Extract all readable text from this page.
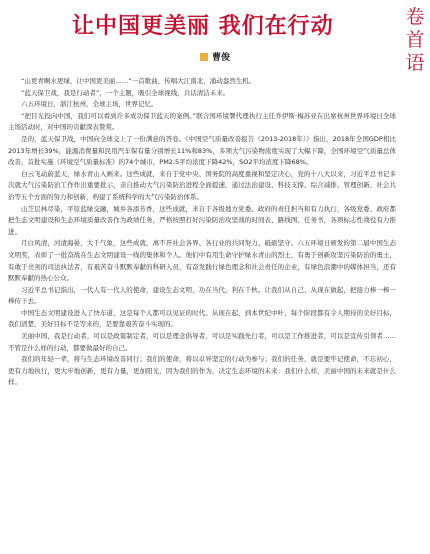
让中国更美丽 我们在行动	卷首语
曹俊

“山更青啊水更绿，让中国更美丽……”一首歌曲，传唱大江南北，涌动盎然生机。

“蓝天保卫战，我是行动者”，一个主题，吸引全球视线，共话清洁未来。

六五环境日，浙江杭州，全球主场，世界记忆。

“把目光投向中国，我们可以看到许多成功保卫蓝天的案例。”联合国环境署代理执行主任乔伊斯·梅苏亚在出席杭州世界环境日全球主场活动时，对中国的贡献深表赞赏。

是的，蓝天保卫战，中国向全球交上了一份满意的答卷。《中国空气质量改善报告（2013-2018年）》指出，2018年全国GDP相比2013年增长39%，能源消费量和民用汽车保有量分别增长11%和83%，多项大气污染物浓度实现了大幅下降，全国环境空气质量总体改善，首批实施《环境空气质量标准》的74个城市，PM2.5平均浓度下降42%，SO2平均浓度下降68%。

白云飞动蔚蓝天，绿水青山入画来。这些成就，来自于党中央、国务院的高度重视和坚定决心，党的十八大以来，习近平总书记多次就大气污染防治工作作出重要批示，亲自推动大气污染防治进程全面提速，通过法治建设、科技支撑、综合减排、管理创新、社会共治等五个方面的努力和创新，构建了系统科学的大气污染防治体系。

山芝层林尽染，平原蓝绿交融，城乡各添芳香，这些成就，来自于各级地方党委、政府的责任担当和有力执行，各级党委、政府都把生态文明建设和生态环境质量改善作为政绩任务，严格按照打好污染防治攻坚战的时间表、路线图、任务书，各项标志性战役有力推进。

月白风清，河清海晏，大千气象，这些成就，离不开社会各界、各行业的共同努力、砥砺坚守。六五环境日颁发的第二届中国生态文明奖，表彰了一批奋战在生态文明建设一线的集体和个人。他们中有用生命守护绿水青山的烈士，有勇于创新攻坚污染防治的勇士，有敢于亮剑的司法执法者，有艰苦奋斗默默奉献的科研人员，有奋发践行绿色理念和社会责任的企业，有绿色浪潮中的媒体担当，还有默默奉献的热心公众。

习近平总书记指出，一代人有一代人的使命，建设生态文明，功在当代，利在千秋。让我们从自己、从现在做起，把接力棒一棒一棒传下去。

中国生态文明建设进入了快车道，这是每个人都可以见证的时代。从现在起，到本世纪中叶，每个阶段都有令人期待的美好目标，我们清楚，美好目标不是等来的，是要靠艰苦奋斗实现的。

美丽中国，我是行动者，可以是政策制定者，可以是理念倡导者，可以是实践先行者，可以是工作推进者，可以是宣传引领者……不管是什么样的行动，都要做最好的自己。

我们的年轻一辈，将与生态环境改善同行；我们的使命，将以卓异坚定的行动为参与；我们的任务，就是要牢记使命，不忘初心，更有力地执行，更大步地创新，更有力量，更加阳光，因为我们的作为，决定生态环境的未来：我们什么样，美丽中国的未来就是什么样。
